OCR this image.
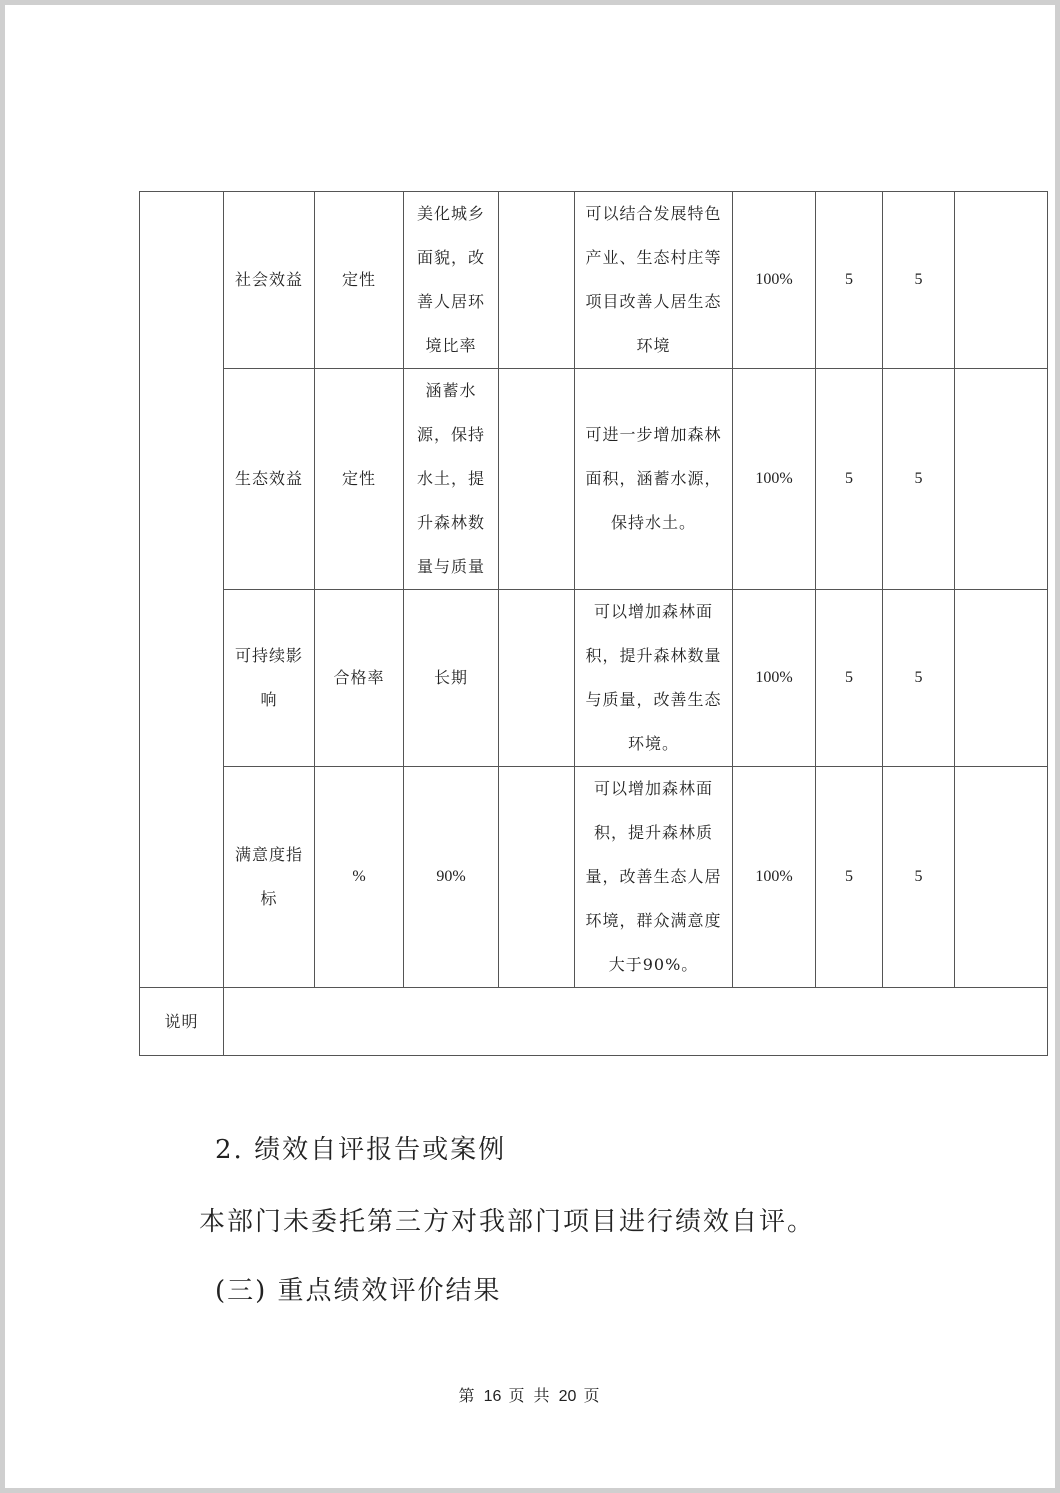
	社会效益	定性	美化城乡面貌，改善人居环境比率		可以结合发展特色产业、生态村庄等项目改善人居生态环境	100%	5	5	
	生态效益	定性	涵蓄水源，保持水土，提升森林数量与质量		可进一步增加森林面积，涵蓄水源，保持水土。	100%	5	5	
	可持续影响	合格率	长期		可以增加森林面积，提升森林数量与质量，改善生态环境。	100%	5	5	
	满意度指标	%	90%		可以增加森林面积，提升森林质量，改善生态人居环境，群众满意度大于90%。	100%	5	5	
说明									
2. 绩效自评报告或案例
本部门未委托第三方对我部门项目进行绩效自评。
(三) 重点绩效评价结果
第 16 页 共 20 页
